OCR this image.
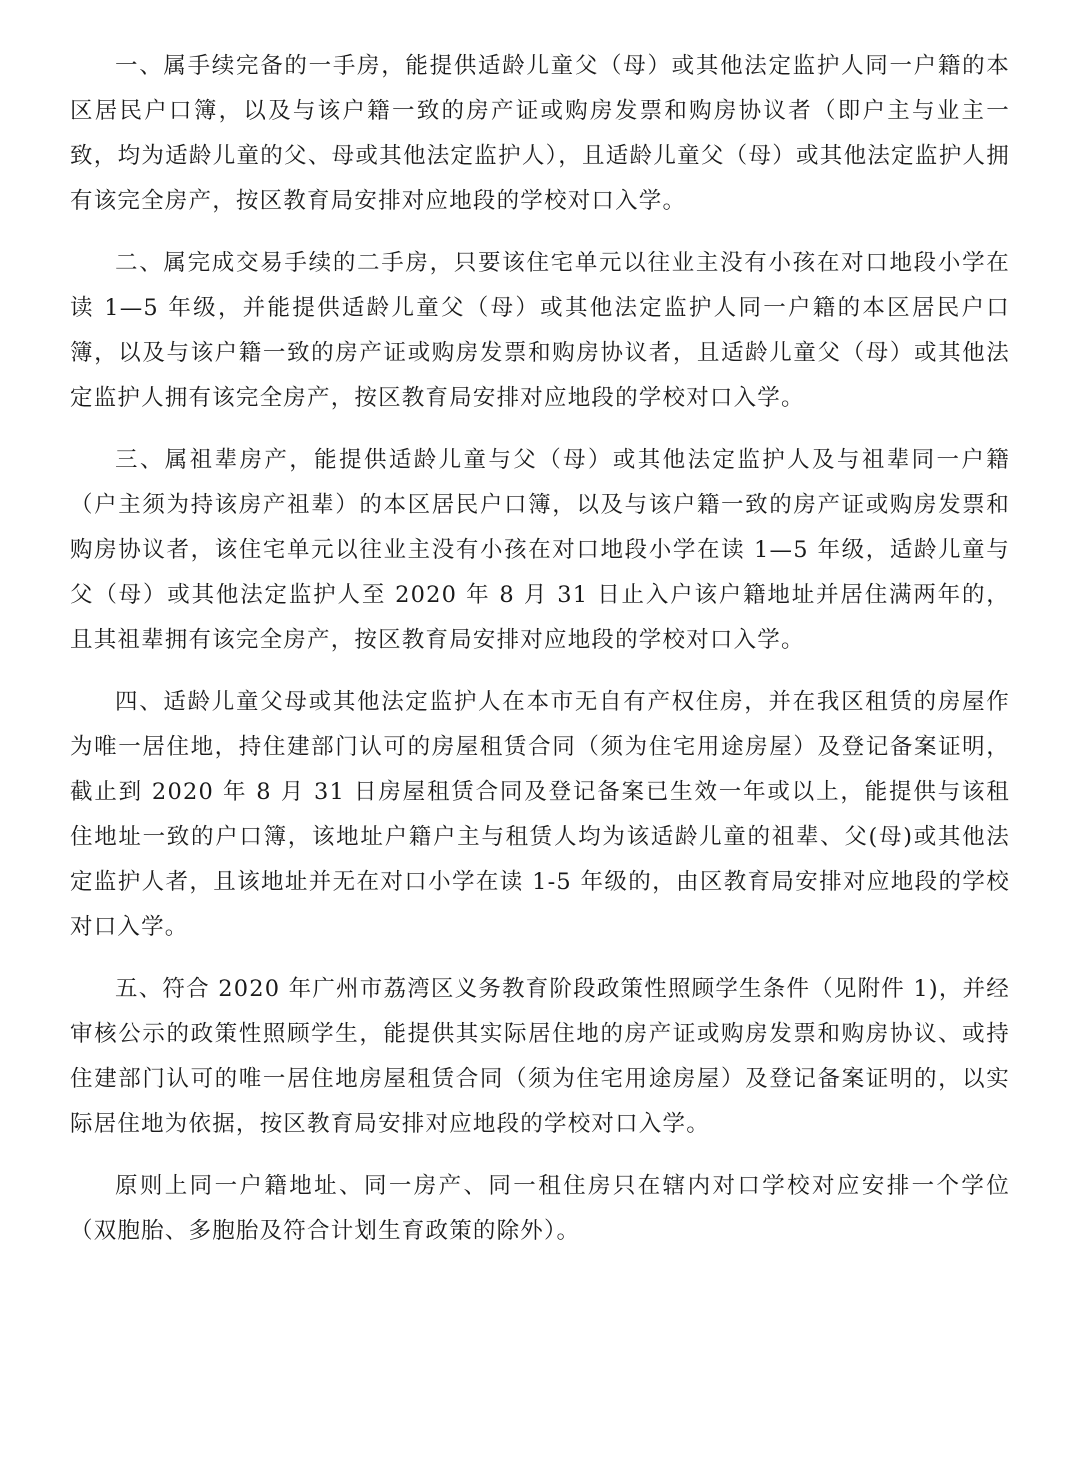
一、属手续完备的一手房，能提供适龄儿童父（母）或其他法定监护人同一户籍的本区居民户口簿，以及与该户籍一致的房产证或购房发票和购房协议者（即户主与业主一致，均为适龄儿童的父、母或其他法定监护人），且适龄儿童父（母）或其他法定监护人拥有该完全房产，按区教育局安排对应地段的学校对口入学。

二、属完成交易手续的二手房，只要该住宅单元以往业主没有小孩在对口地段小学在读 1—5 年级，并能提供适龄儿童父（母）或其他法定监护人同一户籍的本区居民户口簿，以及与该户籍一致的房产证或购房发票和购房协议者，且适龄儿童父（母）或其他法定监护人拥有该完全房产，按区教育局安排对应地段的学校对口入学。

三、属祖辈房产，能提供适龄儿童与父（母）或其他法定监护人及与祖辈同一户籍（户主须为持该房产祖辈）的本区居民户口簿，以及与该户籍一致的房产证或购房发票和购房协议者，该住宅单元以往业主没有小孩在对口地段小学在读 1—5 年级，适龄儿童与父（母）或其他法定监护人至 2020 年 8 月 31 日止入户该户籍地址并居住满两年的，且其祖辈拥有该完全房产，按区教育局安排对应地段的学校对口入学。

四、适龄儿童父母或其他法定监护人在本市无自有产权住房，并在我区租赁的房屋作为唯一居住地，持住建部门认可的房屋租赁合同（须为住宅用途房屋）及登记备案证明，截止到 2020 年 8 月 31 日房屋租赁合同及登记备案已生效一年或以上，能提供与该租住地址一致的户口簿，该地址户籍户主与租赁人均为该适龄儿童的祖辈、父(母)或其他法定监护人者，且该地址并无在对口小学在读 1-5 年级的，由区教育局安排对应地段的学校对口入学。

五、符合 2020 年广州市荔湾区义务教育阶段政策性照顾学生条件（见附件 1)，并经审核公示的政策性照顾学生，能提供其实际居住地的房产证或购房发票和购房协议、或持住建部门认可的唯一居住地房屋租赁合同（须为住宅用途房屋）及登记备案证明的，以实际居住地为依据，按区教育局安排对应地段的学校对口入学。

原则上同一户籍地址、同一房产、同一租住房只在辖内对口学校对应安排一个学位（双胞胎、多胞胎及符合计划生育政策的除外）。
